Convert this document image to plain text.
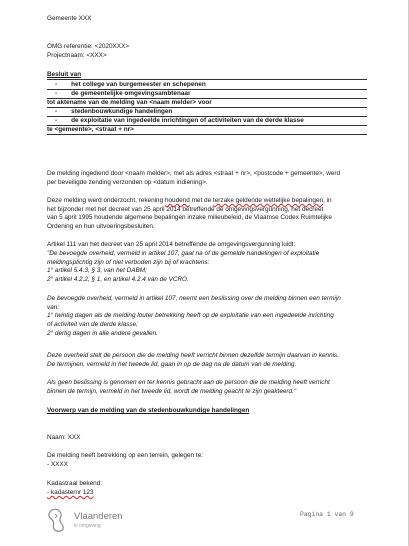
Gemeente XXX
OMG referentie: <2020XXX>
Projectnaam: <XXX>
Besluit van
- het college van burgemeester en schepenen
- de gemeentelijke omgevingsambtenaar
tot aktename van de melding van <naam melder> voor
- stedenbouwkundige handelingen
- de exploitatie van ingedeelde inrichtingen of activiteiten van de derde klasse
te <gemeente>, <straat + nr>

De melding ingediend door <naam melder>, met als adres <straat + nr>, <postcode + gemeente>, werd

per beveiligde zending verzonden op <datum indiening>.

Deze melding werd onderzocht, rekening houdend met de terzake geldende wettelijke bepalingen, in

het bijzonder met het decreet van 25 april 2014 betreffende de omgevingsvergunning, het decreet

van 5 april 1995 houdende algemene bepalingen inzake milieubeleid, de Vlaamse Codex Ruimtelijke

Ordening en hun uitvoeringsbesluiten.

Artikel 111 van het decreet van 25 april 2014 betreffende de omgevingsvergunning luidt:

"De bevoegde overheid, vermeld in artikel 107, gaat na of de gemelde handelingen of exploitatie

meldingsplichtig zijn of niet verboden zijn bij of krachtens:

1° artikel 5.4.3, § 3, van het DABM;

2° artikel 4.2.2, § 1, en artikel 4.2.4 van de VCRO.

De bevoegde overheid, vermeld in artikel 107, neemt een beslissing over de melding binnen een termijn

van:

1° twintig dagen als de melding louter betrekking heeft op de exploitatie van een ingedeelde inrichting

of activiteit van de derde klasse;

2° dertig dagen in alle andere gevallen.

Deze overheid stelt de persoon die de melding heeft verricht binnen dezelfde termijn daarvan in kennis.

De termijnen, vermeld in het tweede lid, gaan in op de dag na de datum van de melding.

Als geen beslissing is genomen en ter kennis gebracht aan de persoon die de melding heeft verricht

binnen de termijn, vermeld in het tweede lid, wordt de melding geacht te zijn geakteerd."

Voorwerp van de melding van de stedenbouwkundige handelingen
Naam: XXX
De melding heeft betrekking op een terrein, gelegen te:
- XXXX
Kadastraal bekend:
- kadasternr 123
Vlaanderen
is omgeving
Pagina 1 van 9
